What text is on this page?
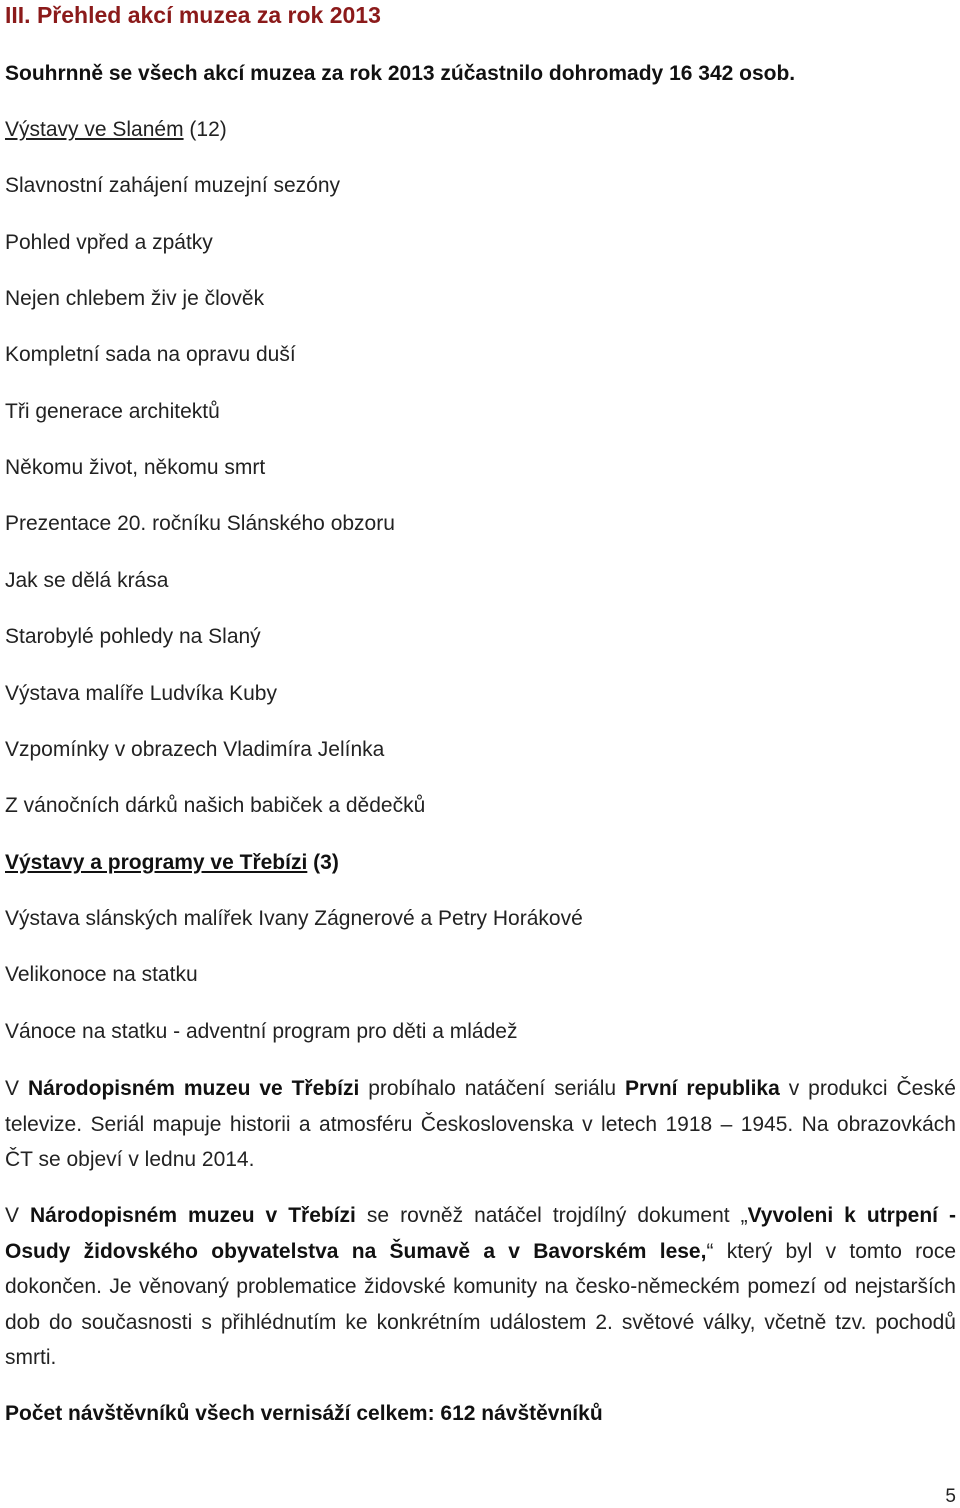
III. Přehled akcí muzea za rok 2013
Souhrnně se všech akcí muzea za rok 2013 zúčastnilo dohromady 16 342 osob.
Výstavy ve Slaném (12)
Slavnostní zahájení muzejní sezóny
Pohled vpřed a zpátky
Nejen chlebem živ je člověk
Kompletní sada na opravu duší
Tři generace architektů
Někomu život, někomu smrt
Prezentace 20. ročníku Slánského obzoru
Jak se dělá krása
Starobylé pohledy na Slaný
Výstava malíře Ludvíka Kuby
Vzpomínky v obrazech Vladimíra Jelínka
Z vánočních dárků našich babiček a dědečků
Výstavy a programy ve Třebízi (3)
Výstava slánských malířek Ivany Zágnerové a Petry Horákové
Velikonoce na statku
Vánoce na statku - adventní program pro děti a mládež
V Národopisném muzeu ve Třebízi probíhalo natáčení seriálu První republika v produkci České televize. Seriál mapuje historii a atmosféru Československa v letech 1918 – 1945. Na obrazovkách ČT se objeví v lednu 2014.
V Národopisném muzeu v Třebízi se rovněž natáčel trojdílný dokument „Vyvoleni k utrpení - Osudy židovského obyvatelstva na Šumavě a v Bavorském lese,“ který byl v tomto roce dokončen. Je věnovaný problematice židovské komunity na česko-německém pomezí od nejstarších dob do současnosti s přihlédnutím ke konkrétním událostem 2. světové války, včetně tzv. pochodů smrti.
Počet návštěvníků všech vernisáží celkem: 612 návštěvníků
5
